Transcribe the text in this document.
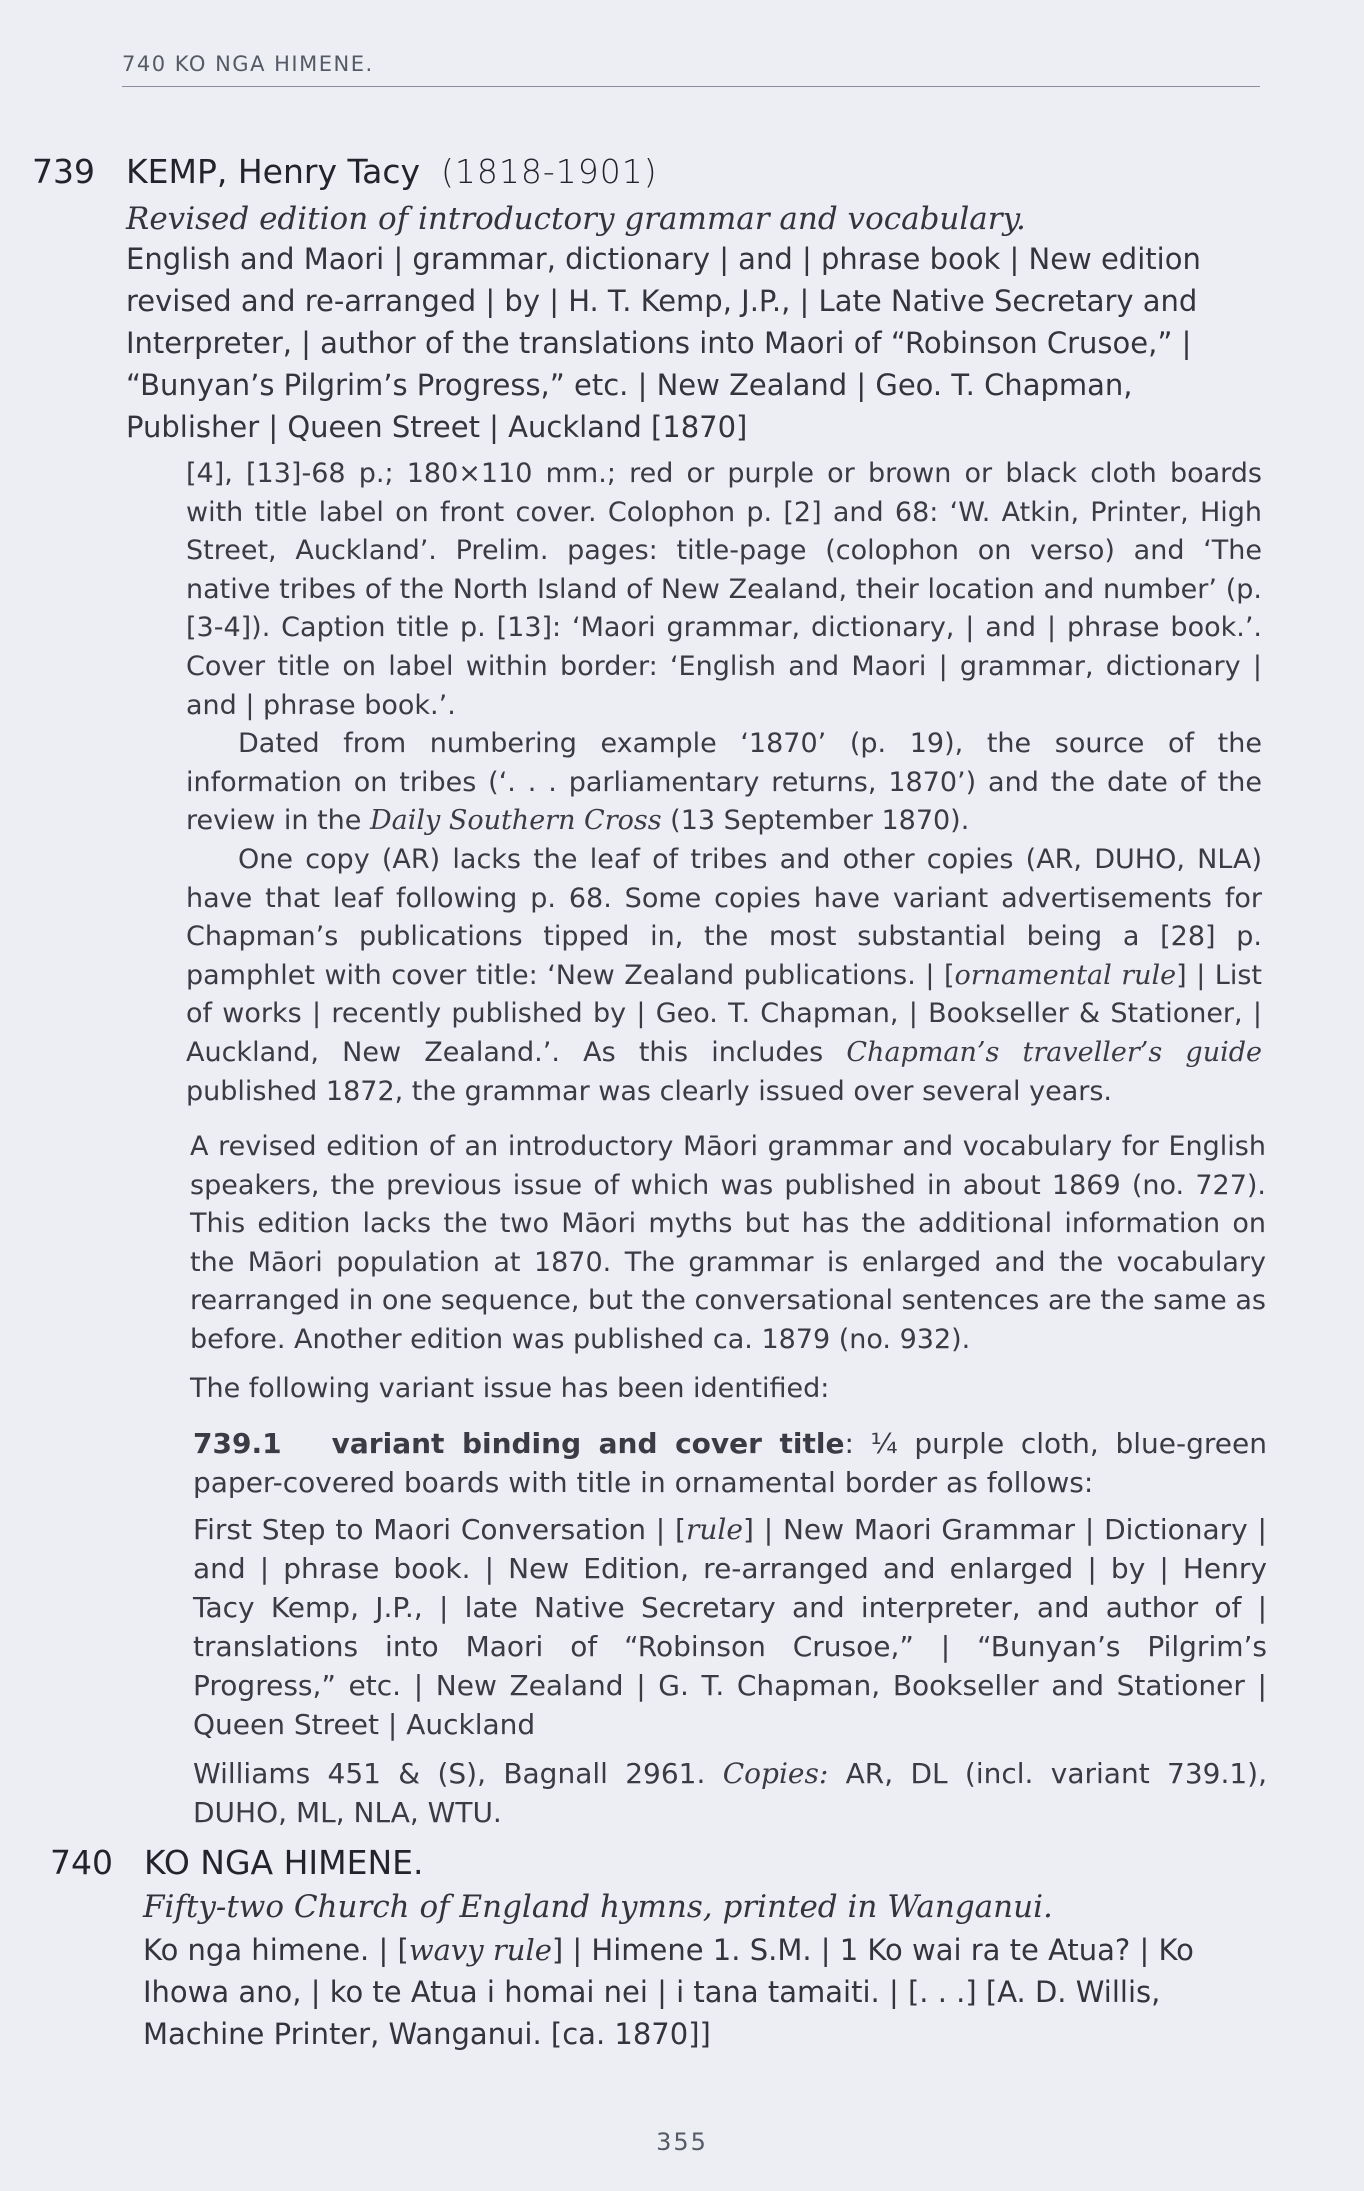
740 KO NGA HIMENE.
739 KEMP, Henry Tacy (1818-1901)
Revised edition of introductory grammar and vocabulary.
English and Maori | grammar, dictionary | and | phrase book | New edition
revised and re-arranged | by | H. T. Kemp, J.P., | Late Native Secretary and
Interpreter, | author of the translations into Maori of “Robinson Crusoe,” |
“Bunyan’s Pilgrim’s Progress,” etc. | New Zealand | Geo. T. Chapman,
Publisher | Queen Street | Auckland [1870]

[4], [13]-68 p.; 180×110 mm.; red or purple or brown or black cloth boards with title label on front cover. Colophon p. [2] and 68: ‘W. Atkin, Printer, High Street, Auckland’. Prelim. pages: title-page (colophon on verso) and ‘The native tribes of the North Island of New Zealand, their location and number’ (p. [3-4]). Caption title p. [13]: ‘Maori grammar, dictionary, | and | phrase book.’. Cover title on label within border: ‘English and Maori | grammar, dictionary | and | phrase book.’.

Dated from numbering example ‘1870’ (p. 19), the source of the information on tribes (‘. . . parliamentary returns, 1870’) and the date of the review in the Daily Southern Cross (13 September 1870).

One copy (AR) lacks the leaf of tribes and other copies (AR, DUHO, NLA) have that leaf following p. 68. Some copies have variant advertisements for Chapman’s publications tipped in, the most substantial being a [28] p. pamphlet with cover title: ‘New Zealand publications. | [ornamental rule] | List of works | recently published by | Geo. T. Chapman, | Bookseller & Stationer, | Auckland, New Zealand.’. As this includes Chapman’s traveller’s guide published 1872, the grammar was clearly issued over several years.

A revised edition of an introductory Māori grammar and vocabulary for English speakers, the previous issue of which was published in about 1869 (no. 727). This edition lacks the two Māori myths but has the additional information on the Māori population at 1870. The grammar is enlarged and the vocabulary rearranged in one sequence, but the conversational sentences are the same as before. Another edition was published ca. 1879 (no. 932).

The following variant issue has been identified:

739.1 variant binding and cover title: ¼ purple cloth, blue-green paper-covered boards with title in ornamental border as follows:

First Step to Maori Conversation | [rule] | New Maori Grammar | Dictionary | and | phrase book. | New Edition, re-arranged and enlarged | by | Henry Tacy Kemp, J.P., | late Native Secretary and interpreter, and author of | translations into Maori of “Robinson Crusoe,” | “Bunyan’s Pilgrim’s Progress,” etc. | New Zealand | G. T. Chapman, Bookseller and Stationer | Queen Street | Auckland

Williams 451 & (S), Bagnall 2961. Copies: AR, DL (incl. variant 739.1), DUHO, ML, NLA, WTU.

740 KO NGA HIMENE.
Fifty-two Church of England hymns, printed in Wanganui.
Ko nga himene. | [wavy rule] | Himene 1. S.M. | 1 Ko wai ra te Atua? | Ko
Ihowa ano, | ko te Atua i homai nei | i tana tamaiti. | [. . .] [A. D. Willis,
Machine Printer, Wanganui. [ca. 1870]]
355
